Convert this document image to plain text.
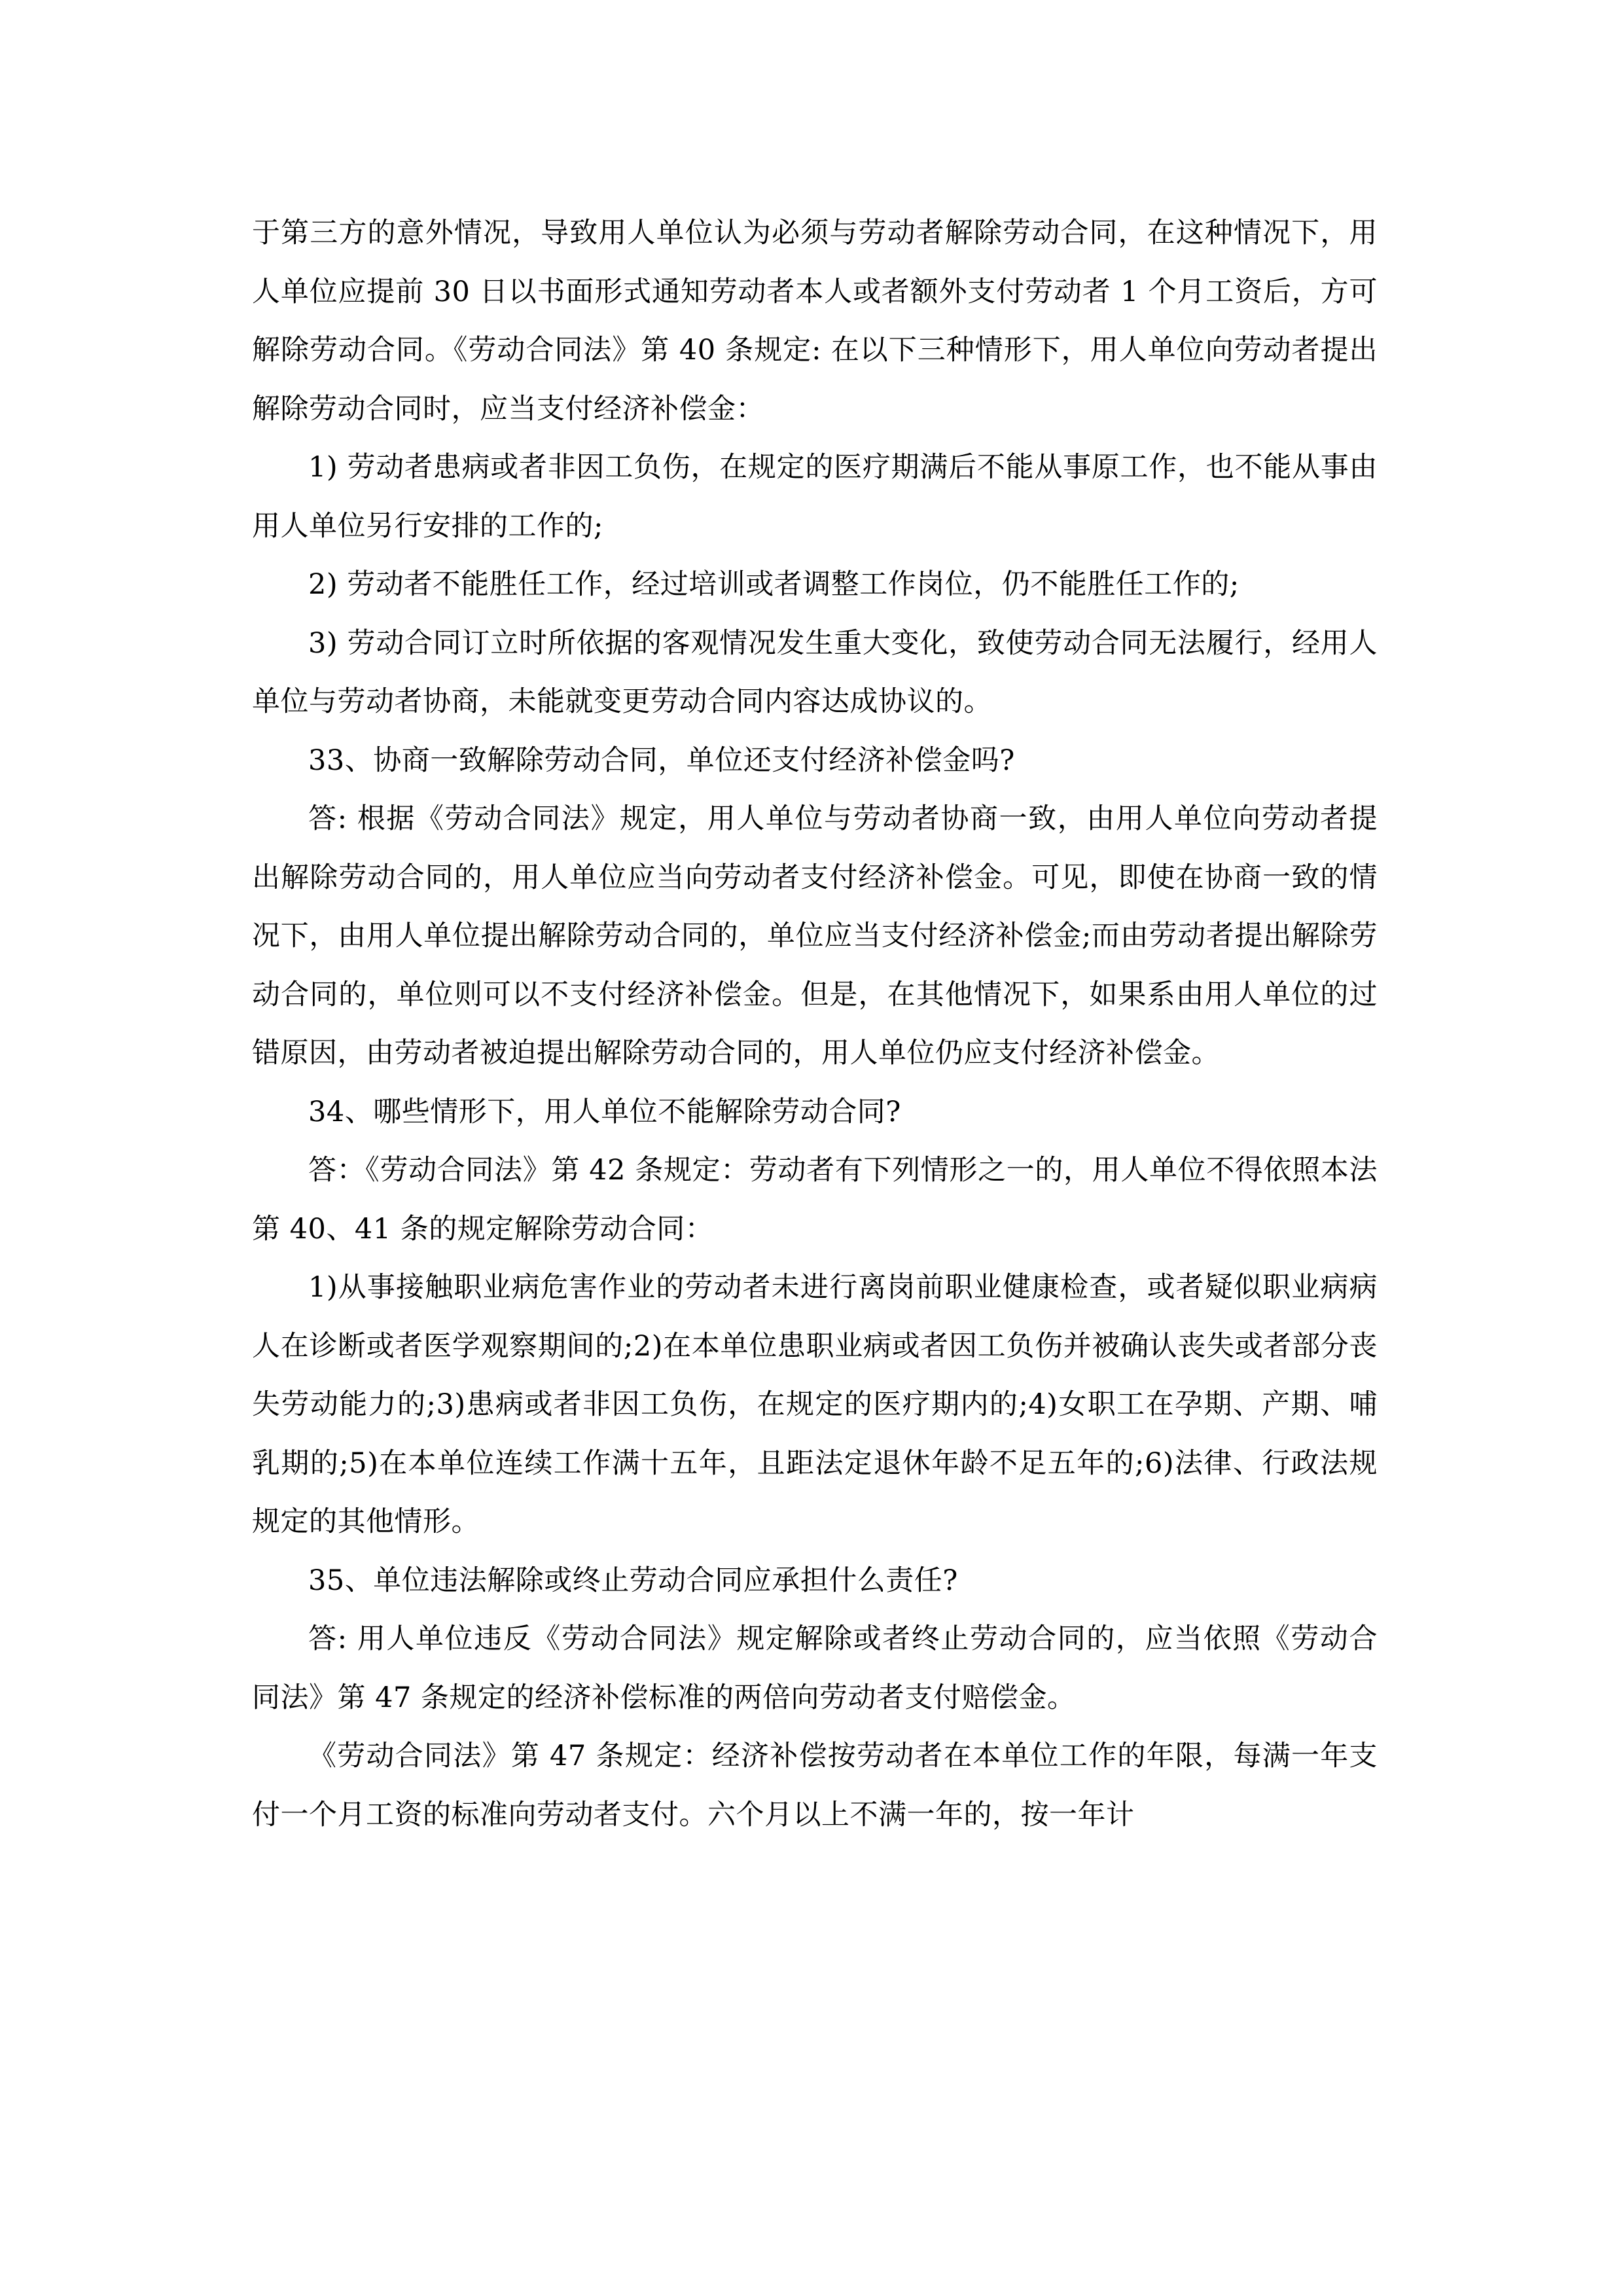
于第三方的意外情况，导致用人单位认为必须与劳动者解除劳动合同，在这种情况下，用人单位应提前 30 日以书面形式通知劳动者本人或者额外支付劳动者 1 个月工资后，方可解除劳动合同。《劳动合同法》第 40 条规定: 在以下三种情形下，用人单位向劳动者提出解除劳动合同时，应当支付经济补偿金：

1) 劳动者患病或者非因工负伤，在规定的医疗期满后不能从事原工作，也不能从事由用人单位另行安排的工作的;

2) 劳动者不能胜任工作，经过培训或者调整工作岗位，仍不能胜任工作的;

3) 劳动合同订立时所依据的客观情况发生重大变化，致使劳动合同无法履行，经用人单位与劳动者协商，未能就变更劳动合同内容达成协议的。

33、协商一致解除劳动合同，单位还支付经济补偿金吗?

答: 根据《劳动合同法》规定，用人单位与劳动者协商一致，由用人单位向劳动者提出解除劳动合同的，用人单位应当向劳动者支付经济补偿金。可见，即使在协商一致的情况下，由用人单位提出解除劳动合同的，单位应当支付经济补偿金;而由劳动者提出解除劳动合同的，单位则可以不支付经济补偿金。但是，在其他情况下，如果系由用人单位的过错原因，由劳动者被迫提出解除劳动合同的，用人单位仍应支付经济补偿金。

34、哪些情形下，用人单位不能解除劳动合同?

答：《劳动合同法》第 42 条规定：劳动者有下列情形之一的，用人单位不得依照本法第 40、41 条的规定解除劳动合同：

1)从事接触职业病危害作业的劳动者未进行离岗前职业健康检查，或者疑似职业病病人在诊断或者医学观察期间的;2)在本单位患职业病或者因工负伤并被确认丧失或者部分丧失劳动能力的;3)患病或者非因工负伤，在规定的医疗期内的;4)女职工在孕期、产期、哺乳期的;5)在本单位连续工作满十五年，且距法定退休年龄不足五年的;6)法律、行政法规规定的其他情形。

35、单位违法解除或终止劳动合同应承担什么责任?

答: 用人单位违反《劳动合同法》规定解除或者终止劳动合同的，应当依照《劳动合同法》第 47 条规定的经济补偿标准的两倍向劳动者支付赔偿金。

《劳动合同法》第 47 条规定：经济补偿按劳动者在本单位工作的年限，每满一年支付一个月工资的标准向劳动者支付。六个月以上不满一年的，按一年计
